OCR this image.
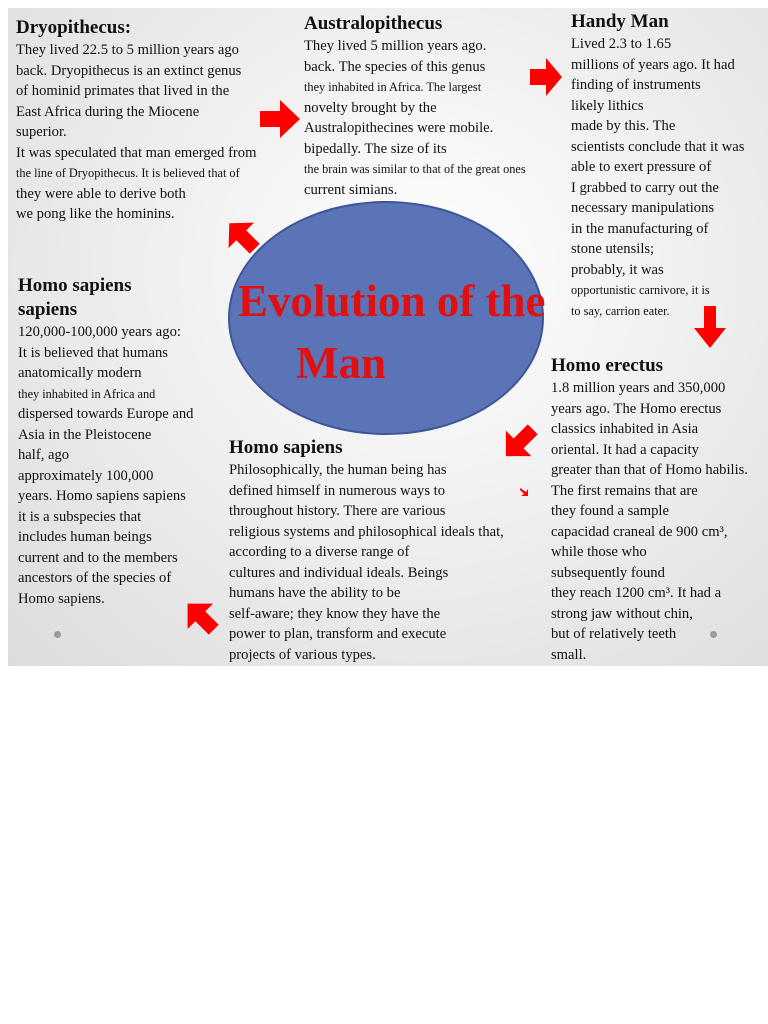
Dryopithecus:
They lived 22.5 to 5 million years ago
back. Dryopithecus is an extinct genus
of hominid primates that lived in the
East Africa during the Miocene
superior.
It was speculated that man emerged from
the line of Dryopithecus. It is believed that of
they were able to derive both
we pong like the hominins.
Australopithecus
They lived 5 million years ago.
back. The species of this genus
they inhabited in Africa. The largest
novelty brought by the
Australopithecines were mobile.
bipedally. The size of its
the brain was similar to that of the great ones
current simians.
Handy Man
Lived 2.3 to 1.65
millions of years ago. It had
finding of instruments
likely lithics
made by this. The
scientists conclude that it was
able to exert pressure of
I grabbed to carry out the
necessary manipulations
in the manufacturing of
stone utensils;
probably, it was
opportunistic carnivore, it is
to say, carrion eater.
Evolution of the
Man
Homo sapiens
sapiens
120,000-100,000 years ago:
It is believed that humans
anatomically modern
they inhabited in Africa and
dispersed towards Europe and
Asia in the Pleistocene
half, ago
approximately 100,000
years. Homo sapiens sapiens
it is a subspecies that
includes human beings
current and to the members
ancestors of the species of
Homo sapiens.
Homo sapiens
Philosophically, the human being has
defined himself in numerous ways to
throughout history. There are various
religious systems and philosophical ideals that,
according to a diverse range of
cultures and individual ideals. Beings
humans have the ability to be
self-aware; they know they have the
power to plan, transform and execute
projects of various types.
Homo erectus
1.8 million years and 350,000
years ago. The Homo erectus
classics inhabited in Asia
oriental. It had a capacity
greater than that of Homo habilis.
The first remains that are
they found a sample
capacidad craneal de 900 cm³,
while those who
subsequently found
they reach 1200 cm³. It had a
strong jaw without chin,
but of relatively teeth
small.
